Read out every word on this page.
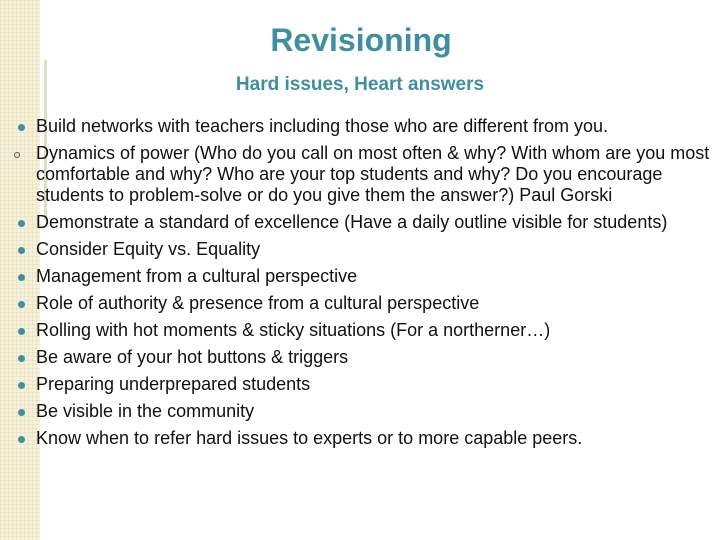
Revisioning
Hard issues, Heart answers
Build networks with teachers including those who are different from you.
Dynamics of power (Who do you call on most often & why? With whom are you most comfortable and why? Who are your top students and why? Do you encourage students to problem-solve or do you give them the answer?) Paul Gorski
Demonstrate a standard of excellence (Have a daily outline visible for students)
Consider Equity vs. Equality
Management from a cultural perspective
Role of authority & presence from a cultural perspective
Rolling with hot moments & sticky situations (For a northerner…)
Be aware of your hot buttons & triggers
Preparing underprepared students
Be visible in the community
Know when to refer hard issues to experts or to more capable peers.
